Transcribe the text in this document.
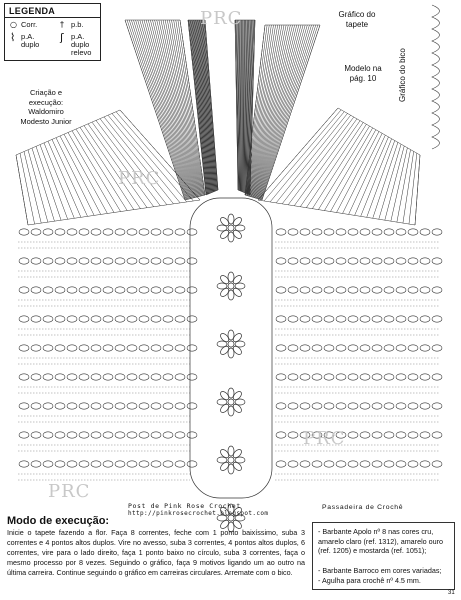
PRC
PRC
PRC
PRC
LEGENDA
○ Corr.	† p.b.
⌇ p.A. duplo
ʃ p.A. duplo relevo
Criação e
execução:
Waldomiro
Modesto Junior
Gráfico do
tapete
Modelo na
pág. 10	Gráfico do bico
Post de Pink Rose Crochet
http://pinkrosecrochet.blogspot.com
Passadeira de Crochê
Modo de execução:
Inicie o tapete fazendo a flor. Faça 8 correntes, feche com 1 ponto baixíssimo, suba 3 correntes e 4 pontos altos duplos. Vire no avesso, suba 3 correntes, 4 pontos altos duplos, 6 correntes, vire para o lado direito, faça 1 ponto baixo no círculo, suba 3 correntes, faça o mesmo processo por 8 vezes. Seguindo o gráfico, faça 9 motivos ligando um ao outro na última carreira. Continue seguindo o gráfico em carreiras circulares. Arremate com o bico.
- Barbante Apolo nº 8 nas cores cru, amarelo claro (ref. 1312), amarelo ouro (ref. 1205) e mostarda (ref. 1051);
- Barbante Barroco em cores variadas;
- Agulha para crochê nº 4.5 mm.
31
